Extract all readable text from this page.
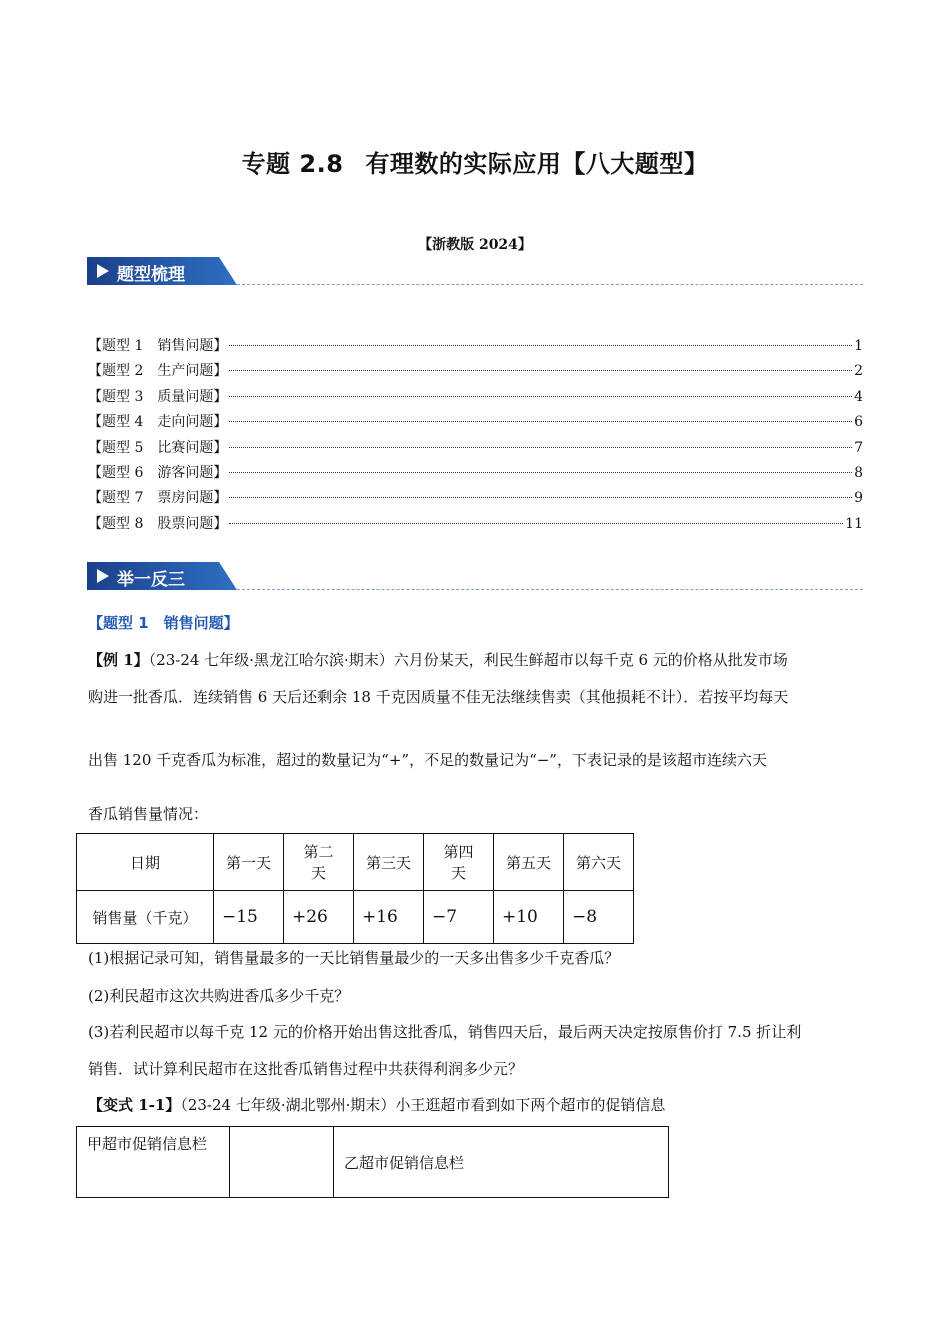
专题 2.8 有理数的实际应用【八大题型】
【浙教版 2024】
题型梳理
【题型 1　销售问题】	1
【题型 2　生产问题】	2
【题型 3　质量问题】	4
【题型 4　走向问题】	6
【题型 5　比赛问题】	7
【题型 6　游客问题】	8
【题型 7　票房问题】	9
【题型 8　股票问题】	11
举一反三
【题型 1　销售问题】
【例 1】（23-24 七年级·黑龙江哈尔滨·期末）六月份某天，利民生鲜超市以每千克 6 元的价格从批发市场
购进一批香瓜．连续销售 6 天后还剩余 18 千克因质量不佳无法继续售卖（其他损耗不计）．若按平均每天
出售 120 千克香瓜为标准，超过的数量记为“+”，不足的数量记为“−”，下表记录的是该超市连续六天
香瓜销售量情况：
日期	第一天	第二天	第三天	第四天	第五天	第六天
销售量（千克）	−15	+26	+16	−7	+10	−8
(1)根据记录可知，销售量最多的一天比销售量最少的一天多出售多少千克香瓜？
(2)利民超市这次共购进香瓜多少千克？
(3)若利民超市以每千克 12 元的价格开始出售这批香瓜，销售四天后，最后两天决定按原售价打 7.5 折让利
销售．试计算利民超市在这批香瓜销售过程中共获得利润多少元？
【变式 1-1】（23-24 七年级·湖北鄂州·期末）小王逛超市看到如下两个超市的促销信息
甲超市促销信息栏		乙超市促销信息栏
